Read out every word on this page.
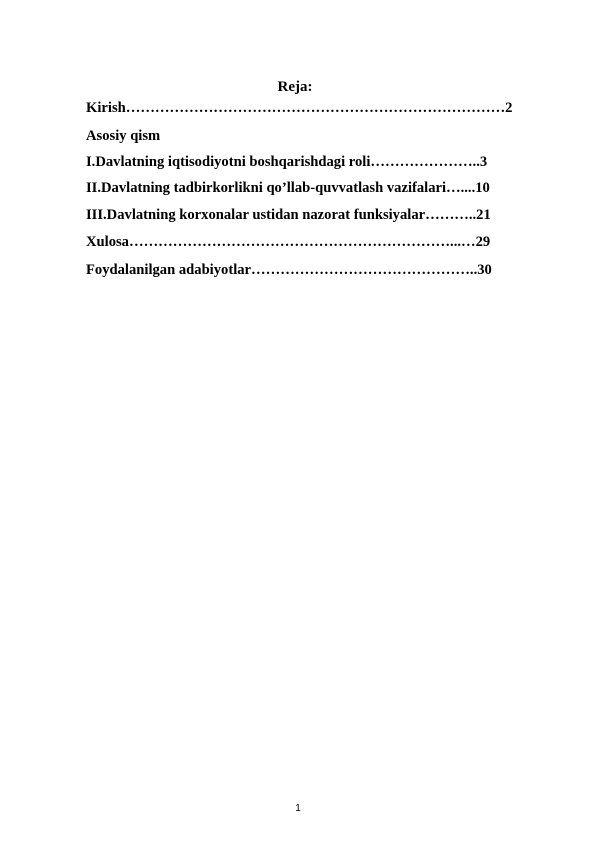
Reja:
Kirish……………………………………………………………………2
Asosiy qism
I.Davlatning iqtisodiyotni boshqarishdagi roli…………………..3
II.Davlatning tadbirkorlikni qo’llab-quvvatlash vazifalari…....10
III.Davlatning korxonalar ustidan nazorat funksiyalar………..21
Xulosa…………………………………………………………...…29
Foydalanilgan adabiyotlar………………………………………..30
1
